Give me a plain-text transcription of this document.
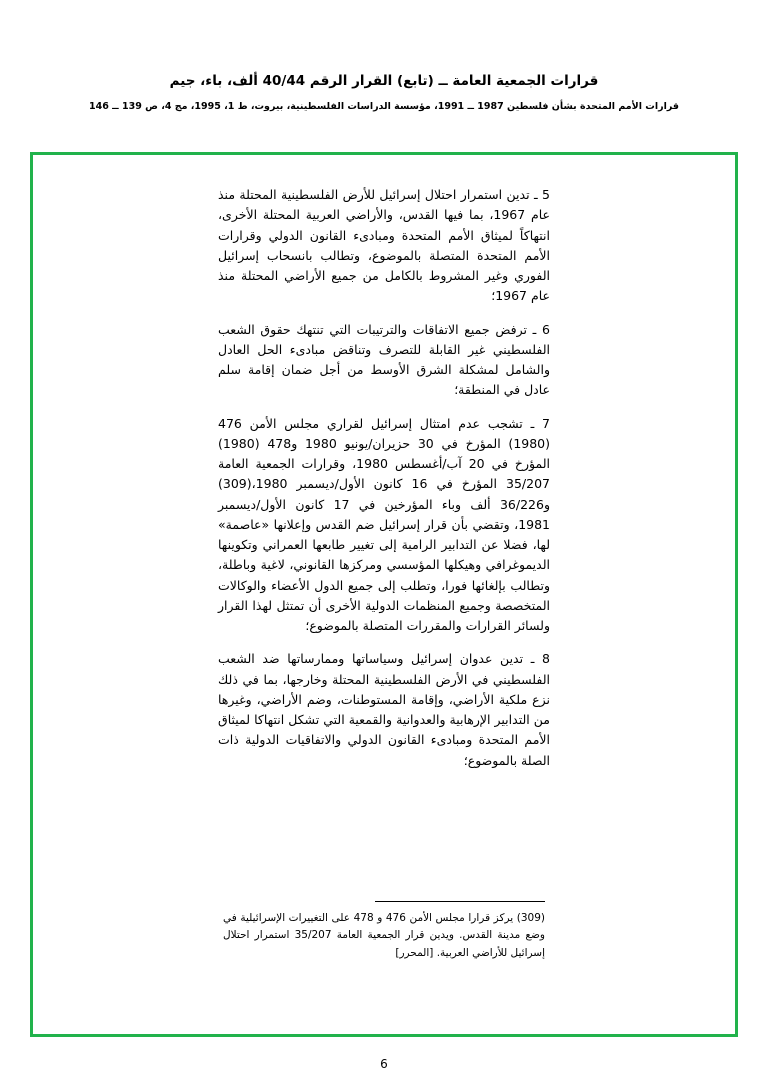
قرارات الجمعية العامة ــ (تابع) القرار الرقم 40/44 ألف، باء، جيم
قرارات الأمم المتحدة بشأن فلسطين 1987 ــ 1991، مؤسسة الدراسات الفلسطينية، بيروت، ط 1، 1995، مج 4، ص 139 ــ 146

5 ـ تدين استمرار احتلال إسرائيل للأرض الفلسطينية المحتلة منذ عام 1967، بما فيها القدس، والأراضي العربية المحتلة الأخرى، انتهاكاً لميثاق الأمم المتحدة ومبادىء القانون الدولي وقرارات الأمم المتحدة المتصلة بالموضوع، وتطالب بانسحاب إسرائيل الفوري وغير المشروط بالكامل من جميع الأراضي المحتلة منذ عام 1967؛

6 ـ ترفض جميع الاتفاقات والترتيبات التي تنتهك حقوق الشعب الفلسطيني غير القابلة للتصرف وتناقض مبادىء الحل العادل والشامل لمشكلة الشرق الأوسط من أجل ضمان إقامة سلم عادل في المنطقة؛

7 ـ تشجب عدم امتثال إسرائيل لقراري مجلس الأمن 476 (1980) المؤرخ في 30 حزيران/يونيو 1980 و478 (1980) المؤرخ في 20 آب/أغسطس 1980، وقرارات الجمعية العامة 35/207 المؤرخ في 16 كانون الأول/ديسمبر 1980،(309) و36/226 ألف وباء المؤرخين في 17 كانون الأول/ديسمبر 1981، وتقضي بأن قرار إسرائيل ضم القدس وإعلانها «عاصمة» لها، فضلا عن التدابير الرامية إلى تغيير طابعها العمراني وتكوينها الديموغرافي وهيكلها المؤسسي ومركزها القانوني، لاغية وباطلة، وتطالب بإلغائها فورا، وتطلب إلى جميع الدول الأعضاء والوكالات المتخصصة وجميع المنظمات الدولية الأخرى أن تمتثل لهذا القرار ولسائر القرارات والمقررات المتصلة بالموضوع؛

8 ـ تدين عدوان إسرائيل وسياساتها وممارساتها ضد الشعب الفلسطيني في الأرض الفلسطينية المحتلة وخارجها، بما في ذلك نزع ملكية الأراضي، وإقامة المستوطنات، وضم الأراضي، وغيرها من التدابير الإرهابية والعدوانية والقمعية التي تشكل انتهاكا لميثاق الأمم المتحدة ومبادىء القانون الدولي والاتفاقيات الدولية ذات الصلة بالموضوع؛

(309) يركز قرارا مجلس الأمن 476 و 478 على التغييرات الإسرائيلية في وضع مدينة القدس. ويدين قرار الجمعية العامة 35/207 استمرار احتلال إسرائيل للأراضي العربية. [المحرر]
6
